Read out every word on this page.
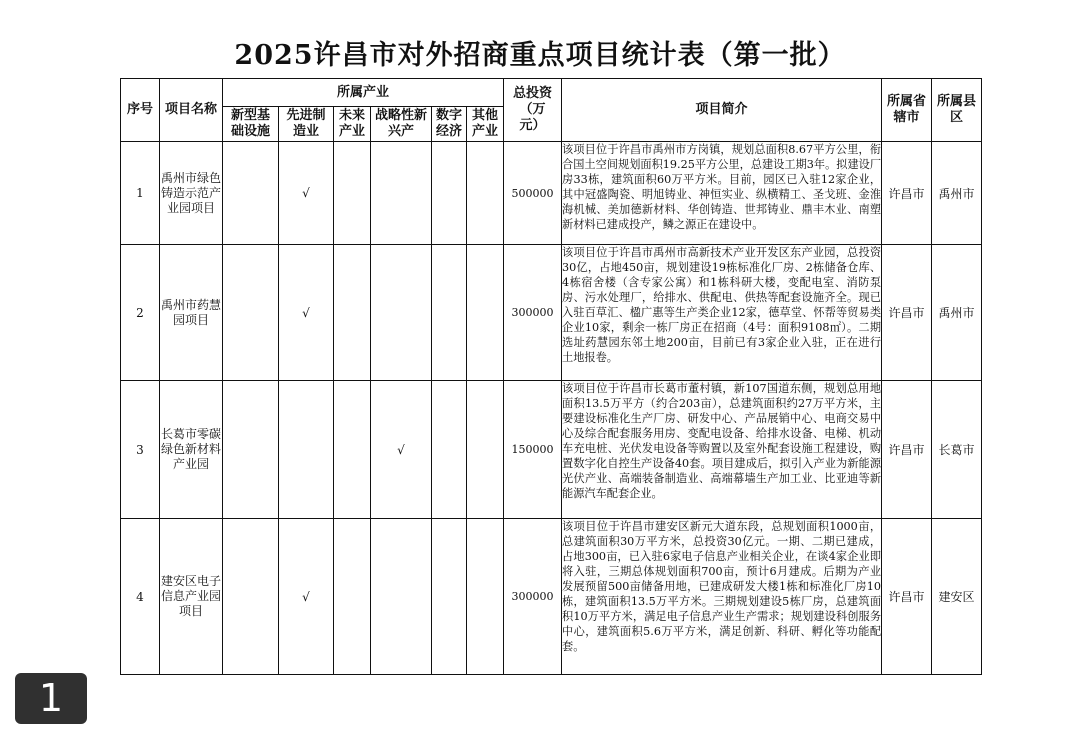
2025许昌市对外招商重点项目统计表（第一批）
序号	项目名称	所属产业						总投资（万元）	项目简介	所属省辖市	所属县区
		新型基础设施	先进制造业	未来产业	战略性新兴产	数字经济	其他产业				
1	禹州市绿色铸造示范产业园项目		√					500000	该项目位于许昌市禹州市方岗镇，规划总面积8.67平方公里，衔合国土空间规划面积19.25平方公里，总建设工期3年。拟建设厂房33栋，建筑面积60万平方米。目前，园区已入驻12家企业，其中冠盛陶瓷、明旭铸业、神恒实业、纵横精工、圣戈班、金淮海机械、美加德新材料、华创铸造、世邦铸业、鼎丰木业、南塑新材料已建成投产，鳞之源正在建设中。	许昌市	禹州市
2	禹州市药慧园项目		√					300000	该项目位于许昌市禹州市高新技术产业开发区东产业园，总投资30亿，占地450亩，规划建设19栋标准化厂房、2栋储备仓库、4栋宿舍楼（含专家公寓）和1栋科研大楼，变配电室、消防泵房、污水处理厂，给排水、供配电、供热等配套设施齐全。现已入驻百草汇、楹广惠等生产类企业12家，德草堂、怀帮等贸易类企业10家，剩余一栋厂房正在招商（4号：面积9108㎡）。二期选址药慧园东邻土地200亩，目前已有3家企业入驻，正在进行土地报卷。	许昌市	禹州市
3	长葛市零碳绿色新材料产业园				√			150000	该项目位于许昌市长葛市董村镇，新107国道东侧，规划总用地面积13.5万平方（约合203亩），总建筑面积约27万平方米，主要建设标准化生产厂房、研发中心、产品展销中心、电商交易中心及综合配套服务用房、变配电设备、给排水设备、电梯、机动车充电桩、光伏发电设备等购置以及室外配套设施工程建设，购置数字化自控生产设备40套。项目建成后，拟引入产业为新能源光伏产业、高端装备制造业、高端幕墙生产加工业、比亚迪等新能源汽车配套企业。	许昌市	长葛市
4	建安区电子信息产业园项目		√					300000	该项目位于许昌市建安区新元大道东段，总规划面积1000亩，总建筑面积30万平方米，总投资30亿元。一期、二期已建成，占地300亩，已入驻6家电子信息产业相关企业，在谈4家企业即将入驻，三期总体规划面积700亩，预计6月建成。后期为产业发展预留500亩储备用地，已建成研发大楼1栋和标准化厂房10栋，建筑面积13.5万平方米。三期规划建设5栋厂房，总建筑面积10万平方米，满足电子信息产业生产需求；规划建设科创服务中心，建筑面积5.6万平方米，满足创新、科研、孵化等功能配套。	许昌市	建安区
1
